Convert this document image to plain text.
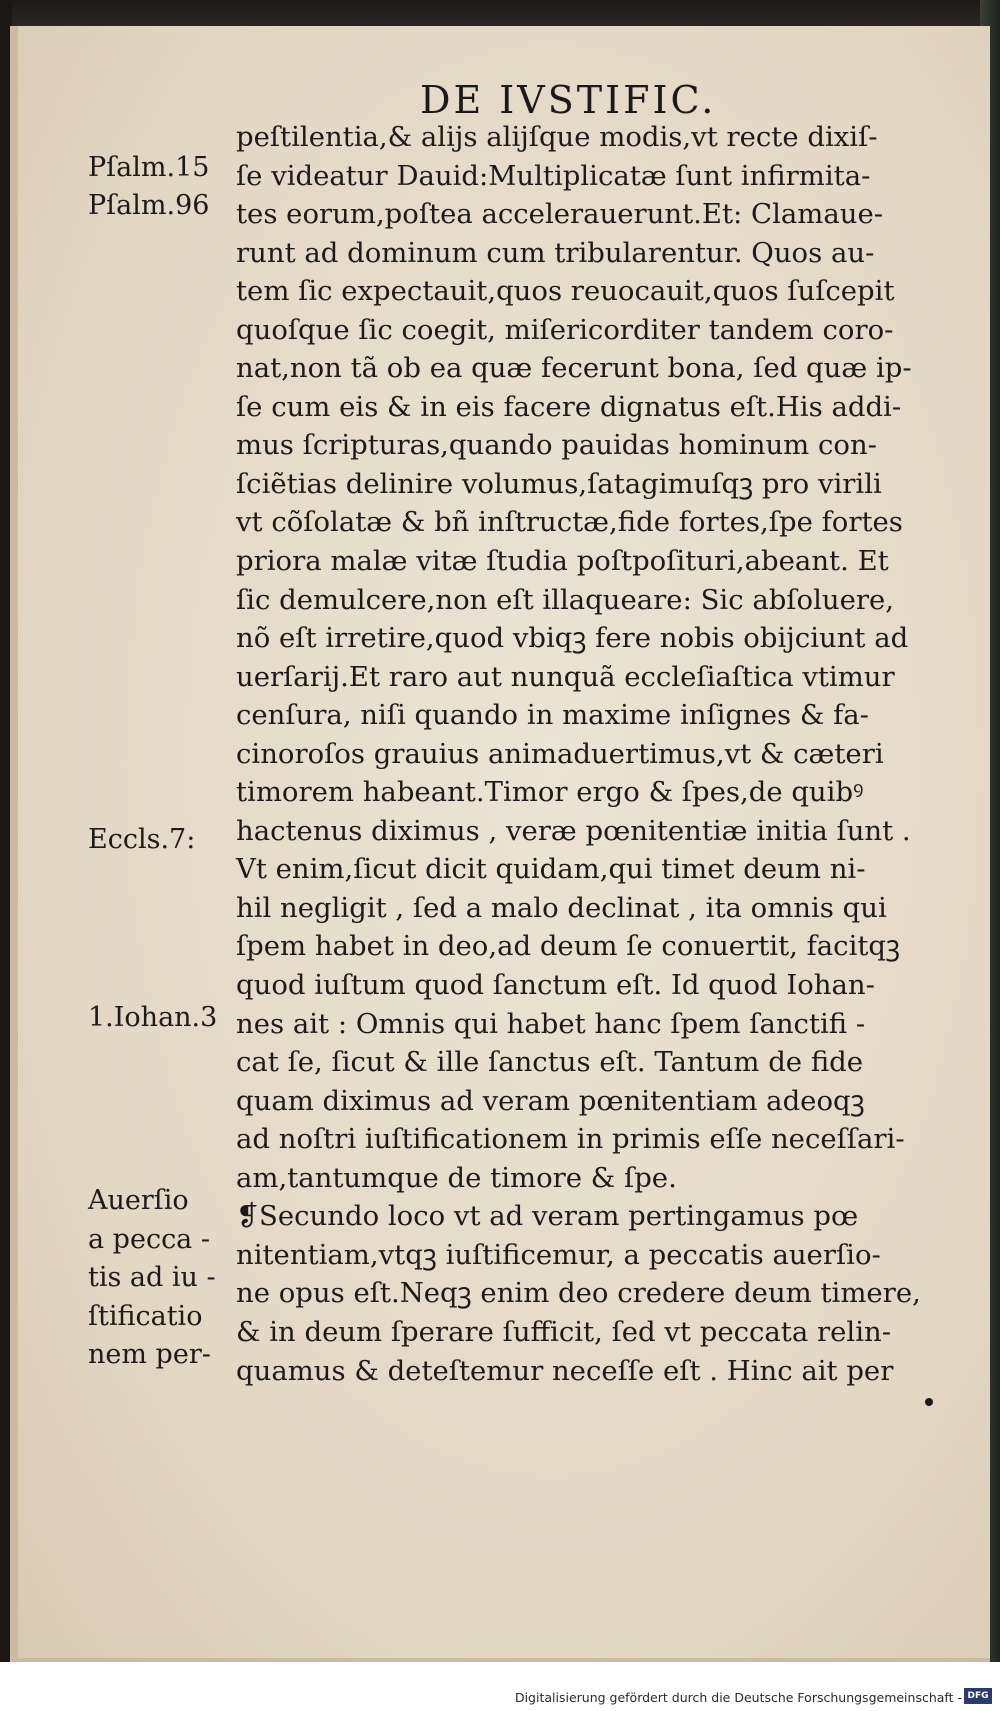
DE IVSTIFIC.
Pſalm.15
Pſalm.96
Eccls.7:
1.Iohan.3
Auerſio
a pecca -
tis ad iu -
ſtificatio
nem per-
peſtilentia,& alijs alijſque modis,vt recte dixiſ-
ſe videatur Dauid:Multiplicatæ ſunt infirmita-
tes eorum,poſtea accelerauerunt.Et: Clamaue-
runt ad dominum cum tribularentur. Quos au-
tem ſic expectauit,quos reuocauit,quos ſuſcepit
quoſque ſic coegit, miſericorditer tandem coro-
nat,non tã ob ea quæ fecerunt bona, ſed quæ ip-
ſe cum eis & in eis facere dignatus eſt.His addi-
mus ſcripturas,quando pauidas hominum con-
ſciẽtias delinire volumus,ſatagimuſqꝫ pro virili
vt cõſolatæ & bñ inſtructæ,fide fortes,ſpe fortes
priora malæ vitæ ſtudia poſtpoſituri,abeant. Et
ſic demulcere,non eſt illaqueare: Sic abſoluere,
nõ eſt irretire,quod vbiqꝫ fere nobis obijciunt ad
uerſarij.Et raro aut nunquã eccleſiaſtica vtimur
cenſura, niſi quando in maxime inſignes & fa-
cinoroſos grauius animaduertimus,vt & cæteri
timorem habeant.Timor ergo & ſpes,de quibꝰ
hactenus diximus , veræ pœnitentiæ initia ſunt .
Vt enim,ſicut dicit quidam,qui timet deum ni-
hil negligit , ſed a malo declinat , ita omnis qui
ſpem habet in deo,ad deum ſe conuertit, facitqꝫ
quod iuſtum quod ſanctum eſt. Id quod Iohan-
nes ait : Omnis qui habet hanc ſpem ſanctifi -
cat ſe, ſicut & ille ſanctus eſt. Tantum de fide
quam diximus ad veram pœnitentiam adeoqꝫ
ad noſtri iuſtificationem in primis eſſe neceſſari-
am,tantumque de timore & ſpe.
❡Secundo loco vt ad veram pertingamus pœ
nitentiam,vtqꝫ iuſtificemur, a peccatis auerſio-
ne opus eſt.Neqꝫ enim deo credere deum timere,
& in deum ſperare ſufficit, ſed vt peccata relin-
quamus & deteſtemur neceſſe eſt . Hinc ait per
Digitalisierung gefördert durch die Deutsche Forschungsgemeinschaft - DFG
